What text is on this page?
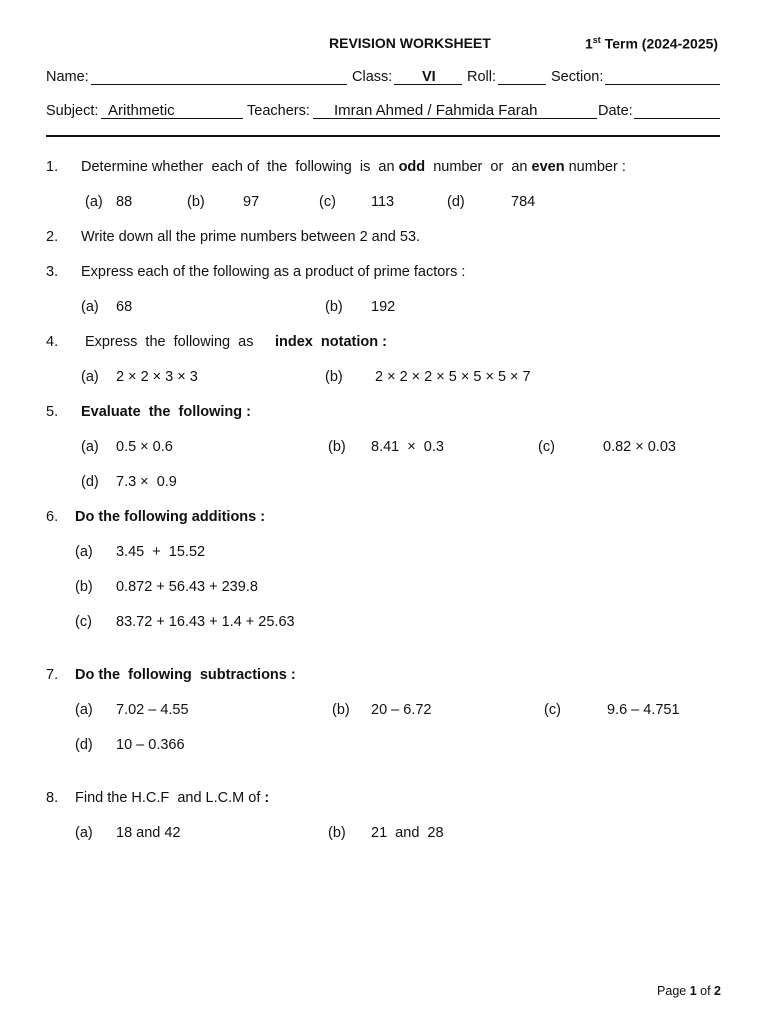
REVISION WORKSHEET	1st Term (2024-2025)
Name:	Class: VI Roll:	Section:
Subject: Arithmetic	Teachers: Imran Ahmed / Fahmida Farah	Date:
1. Determine whether  each of  the  following  is  an odd  number  or  an even number :
(a) 88	(b)	97	(c) 113	(d)	784
2. Write down all the prime numbers between 2 and 53.
3. Express each of the following as a product of prime factors :
(a) 68	(b) 192
4. Express  the  following  as index  notation :
(a) 2 × 2 × 3 × 3	(b) 2 × 2 × 2 × 5 × 5 × 5 × 7
5. Evaluate  the  following :
(a) 0.5 × 0.6	(b) 8.41  ×  0.3	(c)	0.82 × 0.03
(d) 7.3 ×  0.9
6. Do the following additions :
(a) 3.45  +  15.52
(b) 0.872 + 56.43 + 239.8
(c) 83.72 + 16.43 + 1.4 + 25.63
7. Do the  following  subtractions :
(a) 7.02 – 4.55	(b) 20 – 6.72	(c)	9.6 – 4.751
(d) 10 – 0.366
8. Find the H.C.F  and L.C.M of :
(a) 18 and 42	(b) 21  and  28
Page 1 of 2
